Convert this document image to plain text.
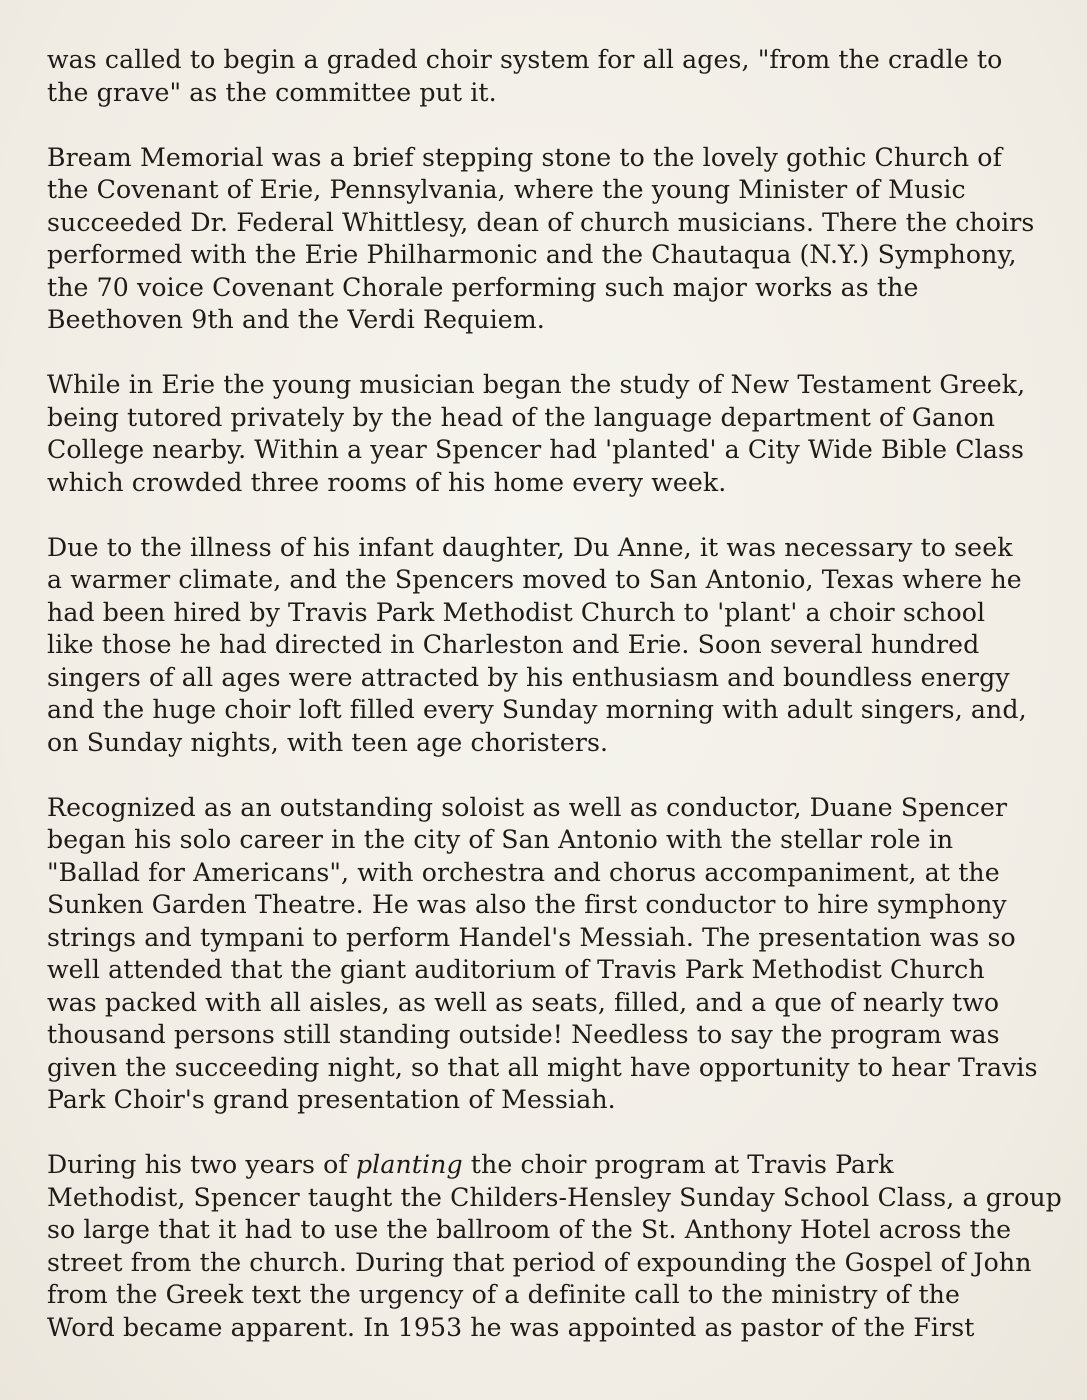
was called to begin a graded choir system for all ages, "from the cradle to
the grave" as the committee put it.

Bream Memorial was a brief stepping stone to the lovely gothic Church of
the Covenant of Erie, Pennsylvania, where the young Minister of Music
succeeded Dr. Federal Whittlesy, dean of church musicians. There the choirs
performed with the Erie Philharmonic and the Chautaqua (N.Y.) Symphony,
the 70 voice Covenant Chorale performing such major works as the
Beethoven 9th and the Verdi Requiem.

While in Erie the young musician began the study of New Testament Greek,
being tutored privately by the head of the language department of Ganon
College nearby. Within a year Spencer had 'planted' a City Wide Bible Class
which crowded three rooms of his home every week.

Due to the illness of his infant daughter, Du Anne, it was necessary to seek
a warmer climate, and the Spencers moved to San Antonio, Texas where he
had been hired by Travis Park Methodist Church to 'plant' a choir school
like those he had directed in Charleston and Erie. Soon several hundred
singers of all ages were attracted by his enthusiasm and boundless energy
and the huge choir loft filled every Sunday morning with adult singers, and,
on Sunday nights, with teen age choristers.

Recognized as an outstanding soloist as well as conductor, Duane Spencer
began his solo career in the city of San Antonio with the stellar role in
"Ballad for Americans", with orchestra and chorus accompaniment, at the
Sunken Garden Theatre. He was also the first conductor to hire symphony
strings and tympani to perform Handel's Messiah. The presentation was so
well attended that the giant auditorium of Travis Park Methodist Church
was packed with all aisles, as well as seats, filled, and a que of nearly two
thousand persons still standing outside! Needless to say the program was
given the succeeding night, so that all might have opportunity to hear Travis
Park Choir's grand presentation of Messiah.

During his two years of planting the choir program at Travis Park
Methodist, Spencer taught the Childers-Hensley Sunday School Class, a group
so large that it had to use the ballroom of the St. Anthony Hotel across the
street from the church. During that period of expounding the Gospel of John
from the Greek text the urgency of a definite call to the ministry of the
Word became apparent. In 1953 he was appointed as pastor of the First
